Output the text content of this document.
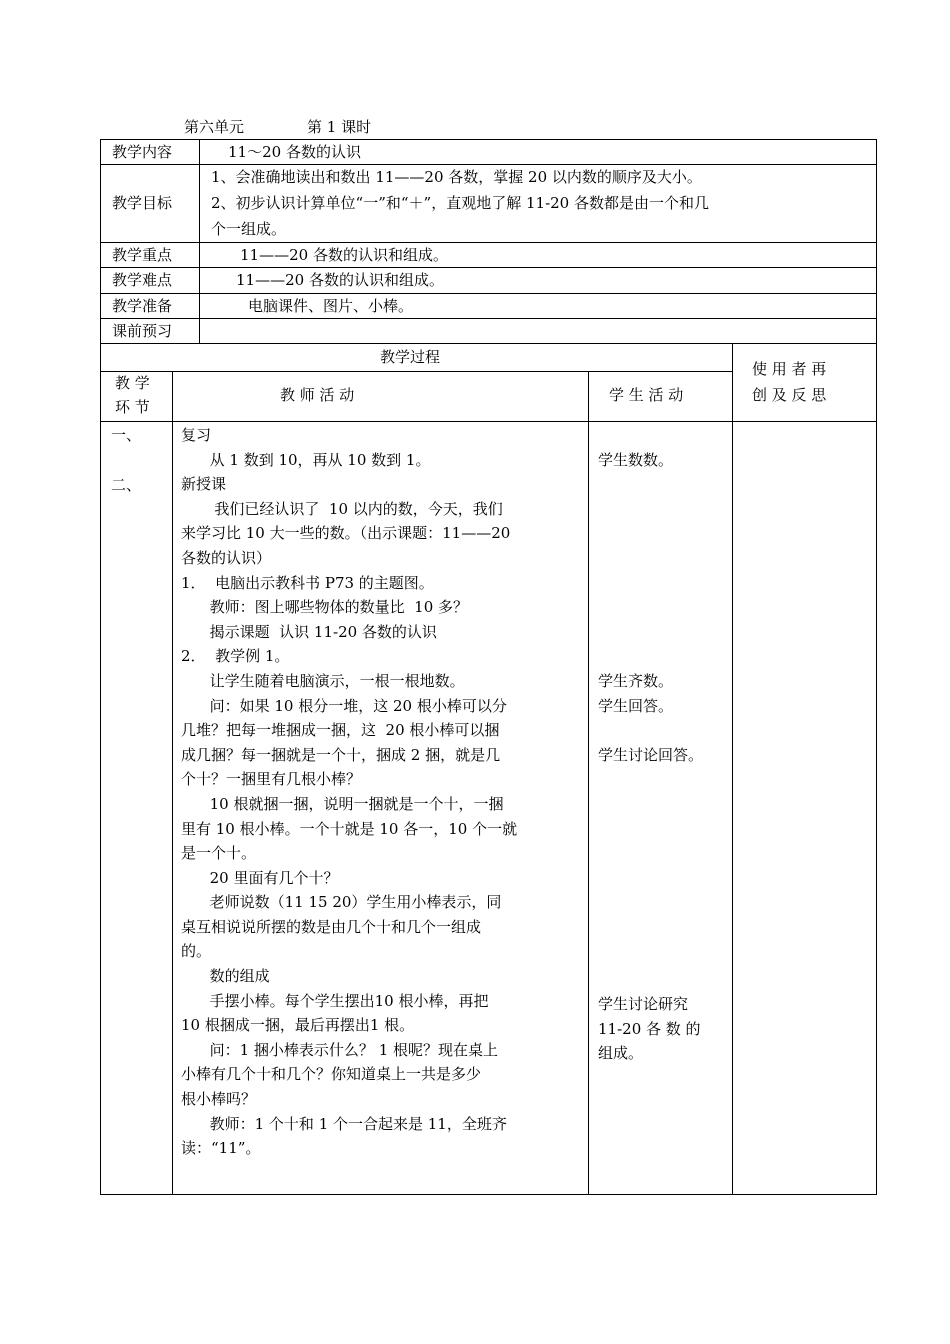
第六单元	第 1 课时
教学内容
教学目标
教学重点
教学难点
教学准备
课前预习
11～20 各数的认识
1、会准确地读出和数出 11——20 各数，掌握 20 以内数的顺序及大小。
2、初步认识计算单位“一”和“＋”，直观地了解 11-20 各数都是由一个和几
个一组成。
11——20 各数的认识和组成。
11——20 各数的认识和组成。
电脑课件、图片、小棒。
教学过程
教 学
环 节
教 师 活 动	学 生 活 动
使 用 者 再
创 及 反 思
一、
二、
复习
从 1 数到 10，再从 10 数到 1。
新授课
我们已经认识了  10 以内的数，今天，我们
来学习比 10 大一些的数。（出示课题：11——20
各数的认识）
1．  电脑出示教科书 P73 的主题图。
教师：图上哪些物体的数量比  10 多？
揭示课题  认识 11-20 各数的认识
2．  教学例 1。
让学生随着电脑演示，一根一根地数。
问：如果 10 根分一堆，这 20 根小棒可以分
几堆？把每一堆捆成一捆，这  20 根小棒可以捆
成几捆？每一捆就是一个十，捆成 2 捆，就是几
个十？一捆里有几根小棒？
10 根就捆一捆，说明一捆就是一个十，一捆
里有 10 根小棒。一个十就是 10 各一，10 个一就
是一个十。
20 里面有几个十？
老师说数（11 15 20）学生用小棒表示，同
桌互相说说所摆的数是由几个十和几个一组成
的。
数的组成
手摆小棒。每个学生摆出10 根小棒，再把
10 根捆成一捆，最后再摆出1 根。
问：1 捆小棒表示什么？ 1 根呢？现在桌上
小棒有几个十和几个？你知道桌上一共是多少
根小棒吗？
教师：1 个十和 1 个一合起来是 11，全班齐
读：“11”。
学生数数。
学生齐数。
学生回答。
学生讨论回答。
学生讨论研究
11-20 各 数 的
组成。
